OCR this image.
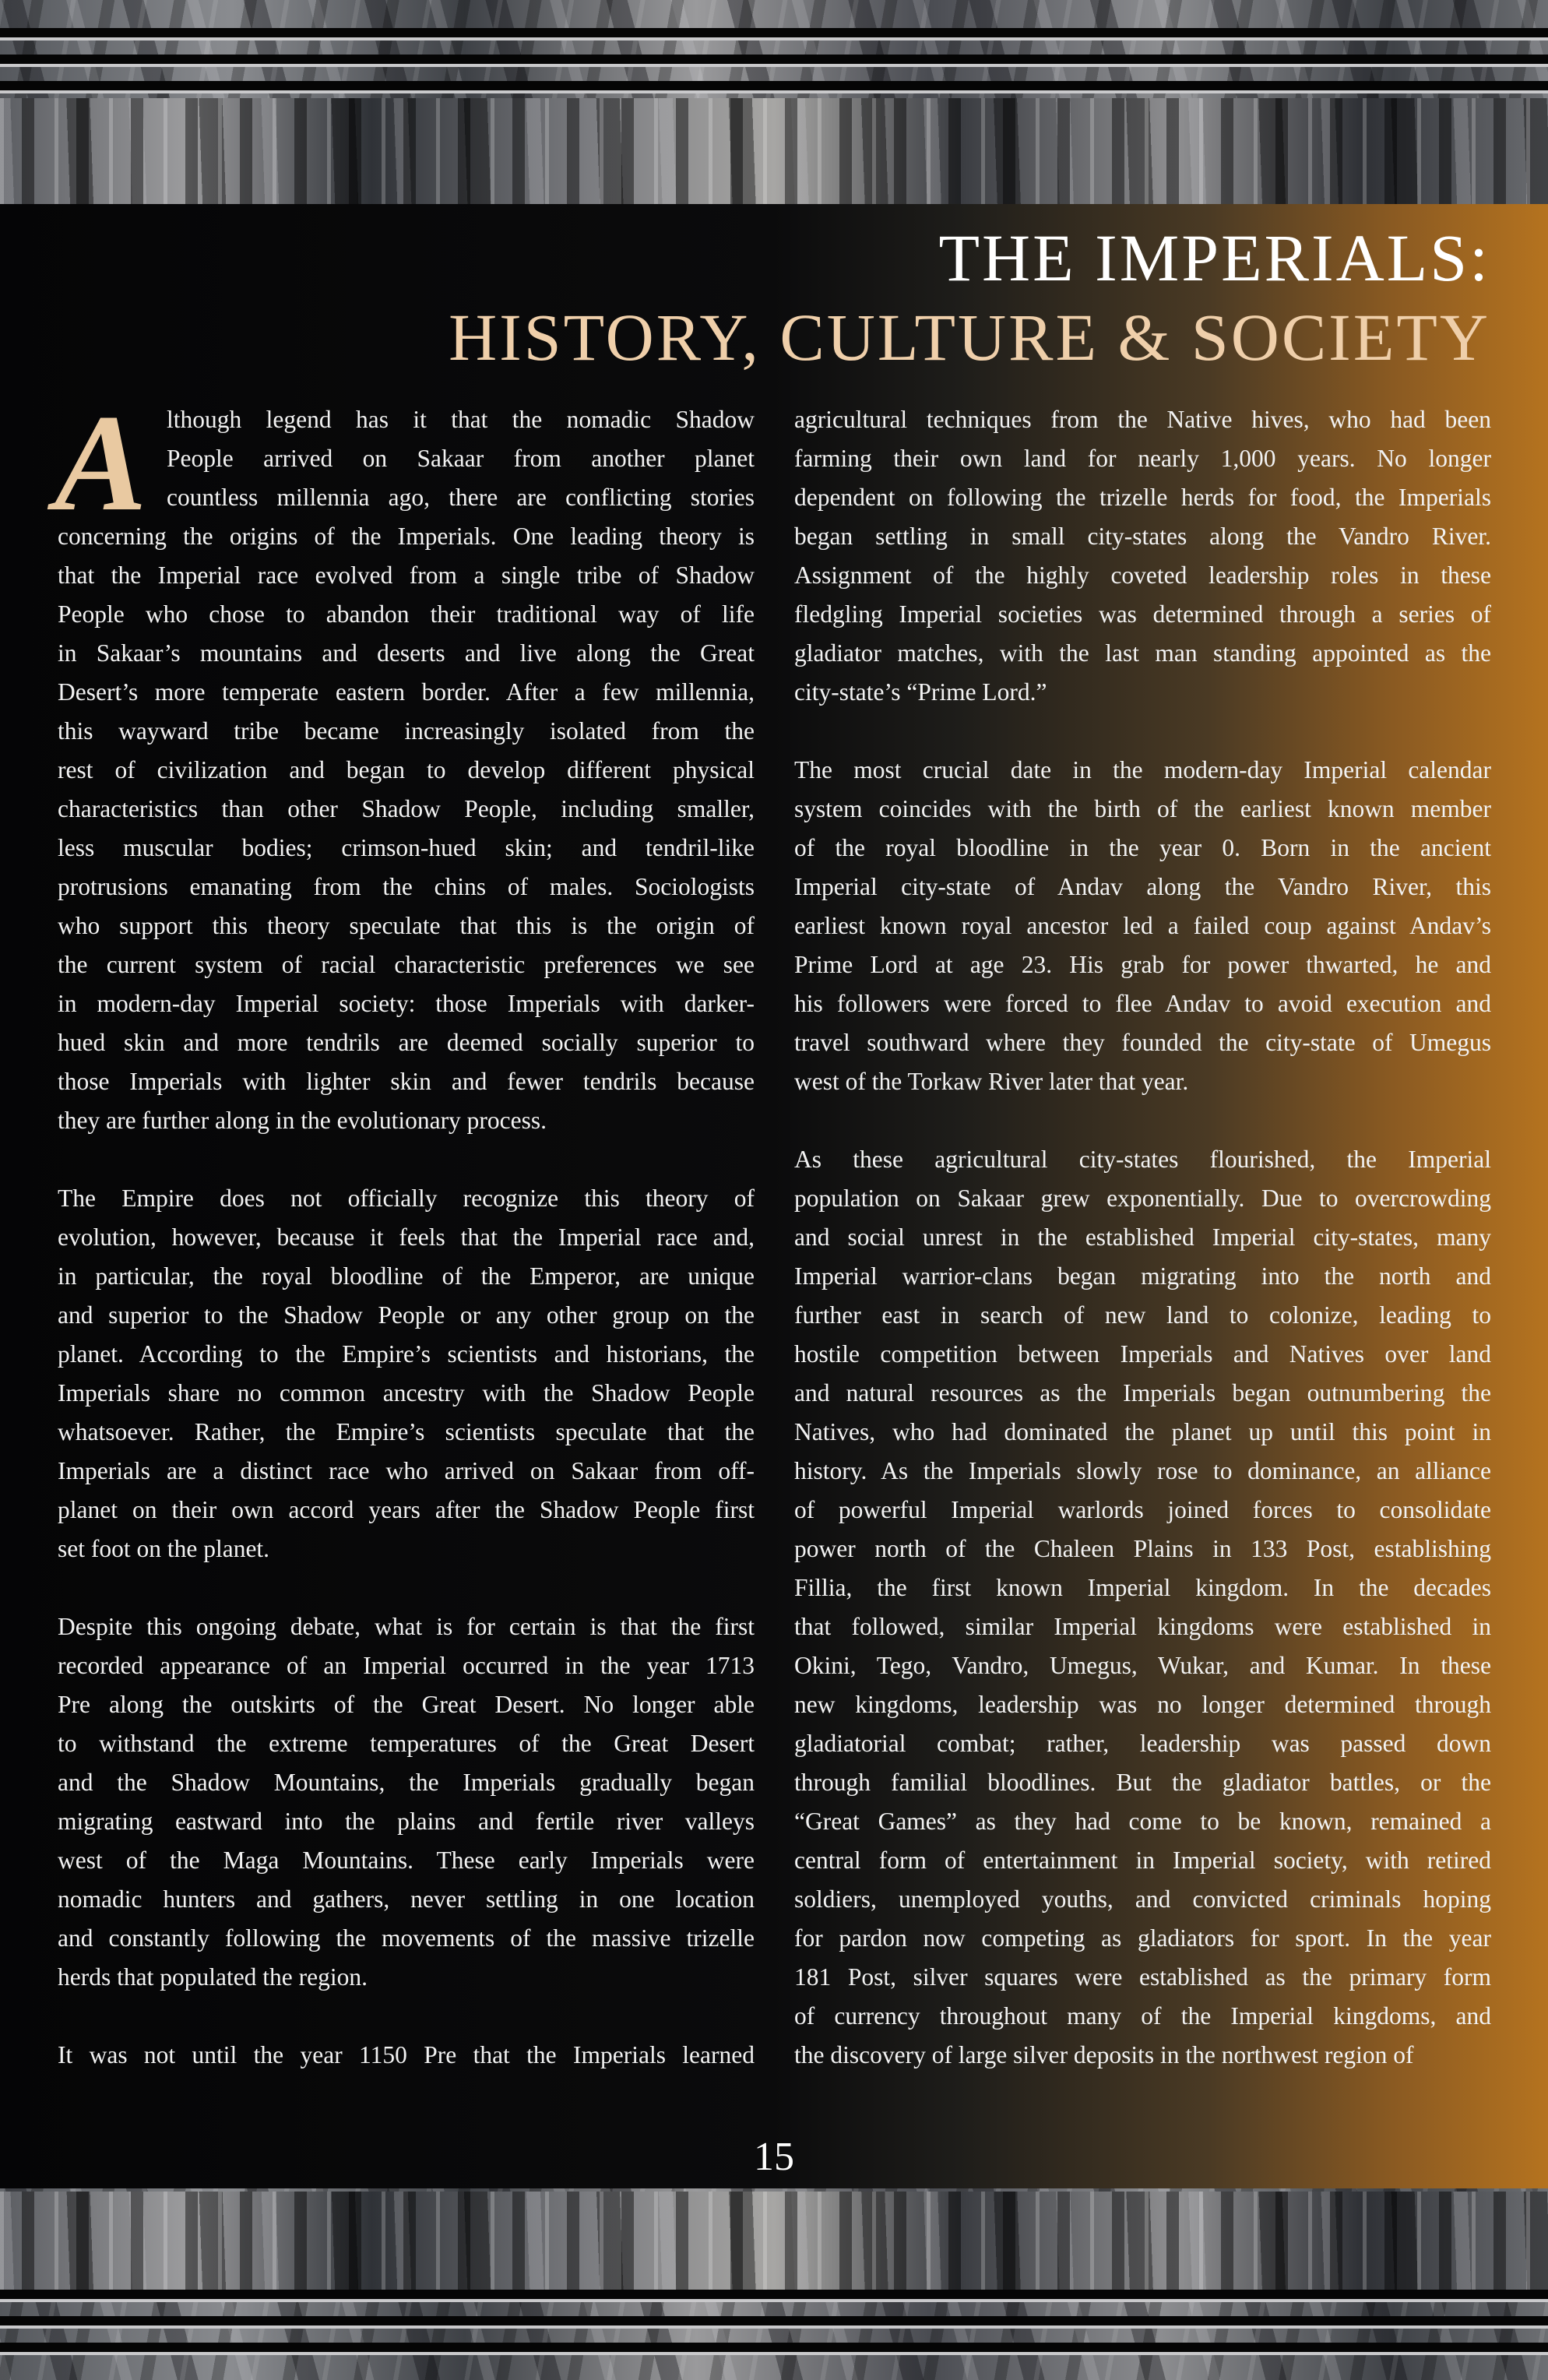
THE IMPERIALS:
HISTORY, CULTURE & SOCIETY
A lthough legend has it that the nomadic Shadow
People arrived on Sakaar from another planet
countless millennia ago, there are conflicting stories
concerning the origins of the Imperials. One leading theory is
that the Imperial race evolved from a single tribe of Shadow
People who chose to abandon their traditional way of life
in Sakaar’s mountains and deserts and live along the Great
Desert’s more temperate eastern border. After a few millennia,
this wayward tribe became increasingly isolated from the
rest of civilization and began to develop different physical
characteristics than other Shadow People, including smaller,
less muscular bodies; crimson-hued skin; and tendril-like
protrusions emanating from the chins of males. Sociologists
who support this theory speculate that this is the origin of
the current system of racial characteristic preferences we see
in modern-day Imperial society: those Imperials with darker-
hued skin and more tendrils are deemed socially superior to
those Imperials with lighter skin and fewer tendrils because
they are further along in the evolutionary process.
The Empire does not officially recognize this theory of
evolution, however, because it feels that the Imperial race and,
in particular, the royal bloodline of the Emperor, are unique
and superior to the Shadow People or any other group on the
planet. According to the Empire’s scientists and historians, the
Imperials share no common ancestry with the Shadow People
whatsoever. Rather, the Empire’s scientists speculate that the
Imperials are a distinct race who arrived on Sakaar from off-
planet on their own accord years after the Shadow People first
set foot on the planet.
Despite this ongoing debate, what is for certain is that the first
recorded appearance of an Imperial occurred in the year 1713
Pre along the outskirts of the Great Desert. No longer able
to withstand the extreme temperatures of the Great Desert
and the Shadow Mountains, the Imperials gradually began
migrating eastward into the plains and fertile river valleys
west of the Maga Mountains. These early Imperials were
nomadic hunters and gathers, never settling in one location
and constantly following the movements of the massive trizelle
herds that populated the region.
It was not until the year 1150 Pre that the Imperials learned
agricultural techniques from the Native hives, who had been
farming their own land for nearly 1,000 years. No longer
dependent on following the trizelle herds for food, the Imperials
began settling in small city-states along the Vandro River.
Assignment of the highly coveted leadership roles in these
fledgling Imperial societies was determined through a series of
gladiator matches, with the last man standing appointed as the
city-state’s “Prime Lord.”
The most crucial date in the modern-day Imperial calendar
system coincides with the birth of the earliest known member
of the royal bloodline in the year 0. Born in the ancient
Imperial city-state of Andav along the Vandro River, this
earliest known royal ancestor led a failed coup against Andav’s
Prime Lord at age 23. His grab for power thwarted, he and
his followers were forced to flee Andav to avoid execution and
travel southward where they founded the city-state of Umegus
west of the Torkaw River later that year.
As these agricultural city-states flourished, the Imperial
population on Sakaar grew exponentially. Due to overcrowding
and social unrest in the established Imperial city-states, many
Imperial warrior-clans began migrating into the north and
further east in search of new land to colonize, leading to
hostile competition between Imperials and Natives over land
and natural resources as the Imperials began outnumbering the
Natives, who had dominated the planet up until this point in
history. As the Imperials slowly rose to dominance, an alliance
of powerful Imperial warlords joined forces to consolidate
power north of the Chaleen Plains in 133 Post, establishing
Fillia, the first known Imperial kingdom. In the decades
that followed, similar Imperial kingdoms were established in
Okini, Tego, Vandro, Umegus, Wukar, and Kumar. In these
new kingdoms, leadership was no longer determined through
gladiatorial combat; rather, leadership was passed down
through familial bloodlines. But the gladiator battles, or the
“Great Games” as they had come to be known, remained a
central form of entertainment in Imperial society, with retired
soldiers, unemployed youths, and convicted criminals hoping
for pardon now competing as gladiators for sport. In the year
181 Post, silver squares were established as the primary form
of currency throughout many of the Imperial kingdoms, and
the discovery of large silver deposits in the northwest region of
15
